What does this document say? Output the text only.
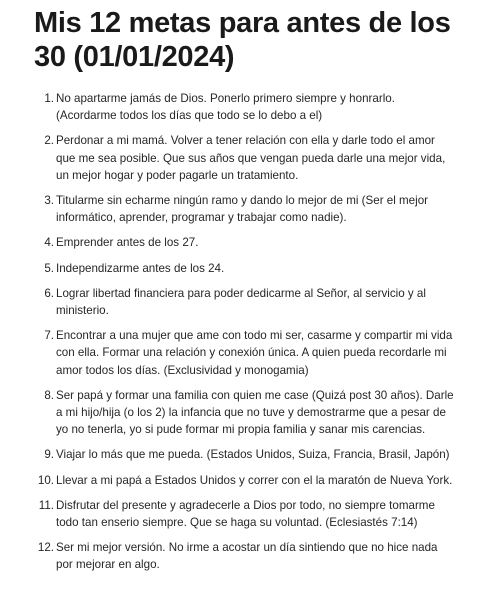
Mis 12 metas para antes de los 30 (01/01/2024)
1. No apartarme jamás de Dios. Ponerlo primero siempre y honrarlo. (Acordarme todos los días que todo se lo debo a el)
2. Perdonar a mi mamá. Volver a tener relación con ella y darle todo el amor que me sea posible. Que sus años que vengan pueda darle una mejor vida, un mejor hogar y poder pagarle un tratamiento.
3. Titularme sin echarme ningún ramo y dando lo mejor de mi (Ser el mejor informático, aprender, programar y trabajar como nadie).
4. Emprender antes de los 27.
5. Independizarme antes de los 24.
6. Lograr libertad financiera para poder dedicarme al Señor, al servicio y al ministerio.
7. Encontrar a una mujer que ame con todo mi ser, casarme y compartir mi vida con ella. Formar una relación y conexión única. A quien pueda recordarle mi amor todos los días. (Exclusividad y monogamia)
8. Ser papá y formar una familia con quien me case (Quizá post 30 años). Darle a mi hijo/hija (o los 2) la infancia que no tuve y demostrarme que a pesar de yo no tenerla, yo si pude formar mi propia familia y sanar mis carencias.
9. Viajar lo más que me pueda. (Estados Unidos, Suiza, Francia, Brasil, Japón)
10. Llevar a mi papá a Estados Unidos y correr con el la maratón de Nueva York.
11. Disfrutar del presente y agradecerle a Dios por todo, no siempre tomarme todo tan enserio siempre. Que se haga su voluntad. (Eclesiastés 7:14)
12. Ser mi mejor versión. No irme a acostar un día sintiendo que no hice nada por mejorar en algo.
